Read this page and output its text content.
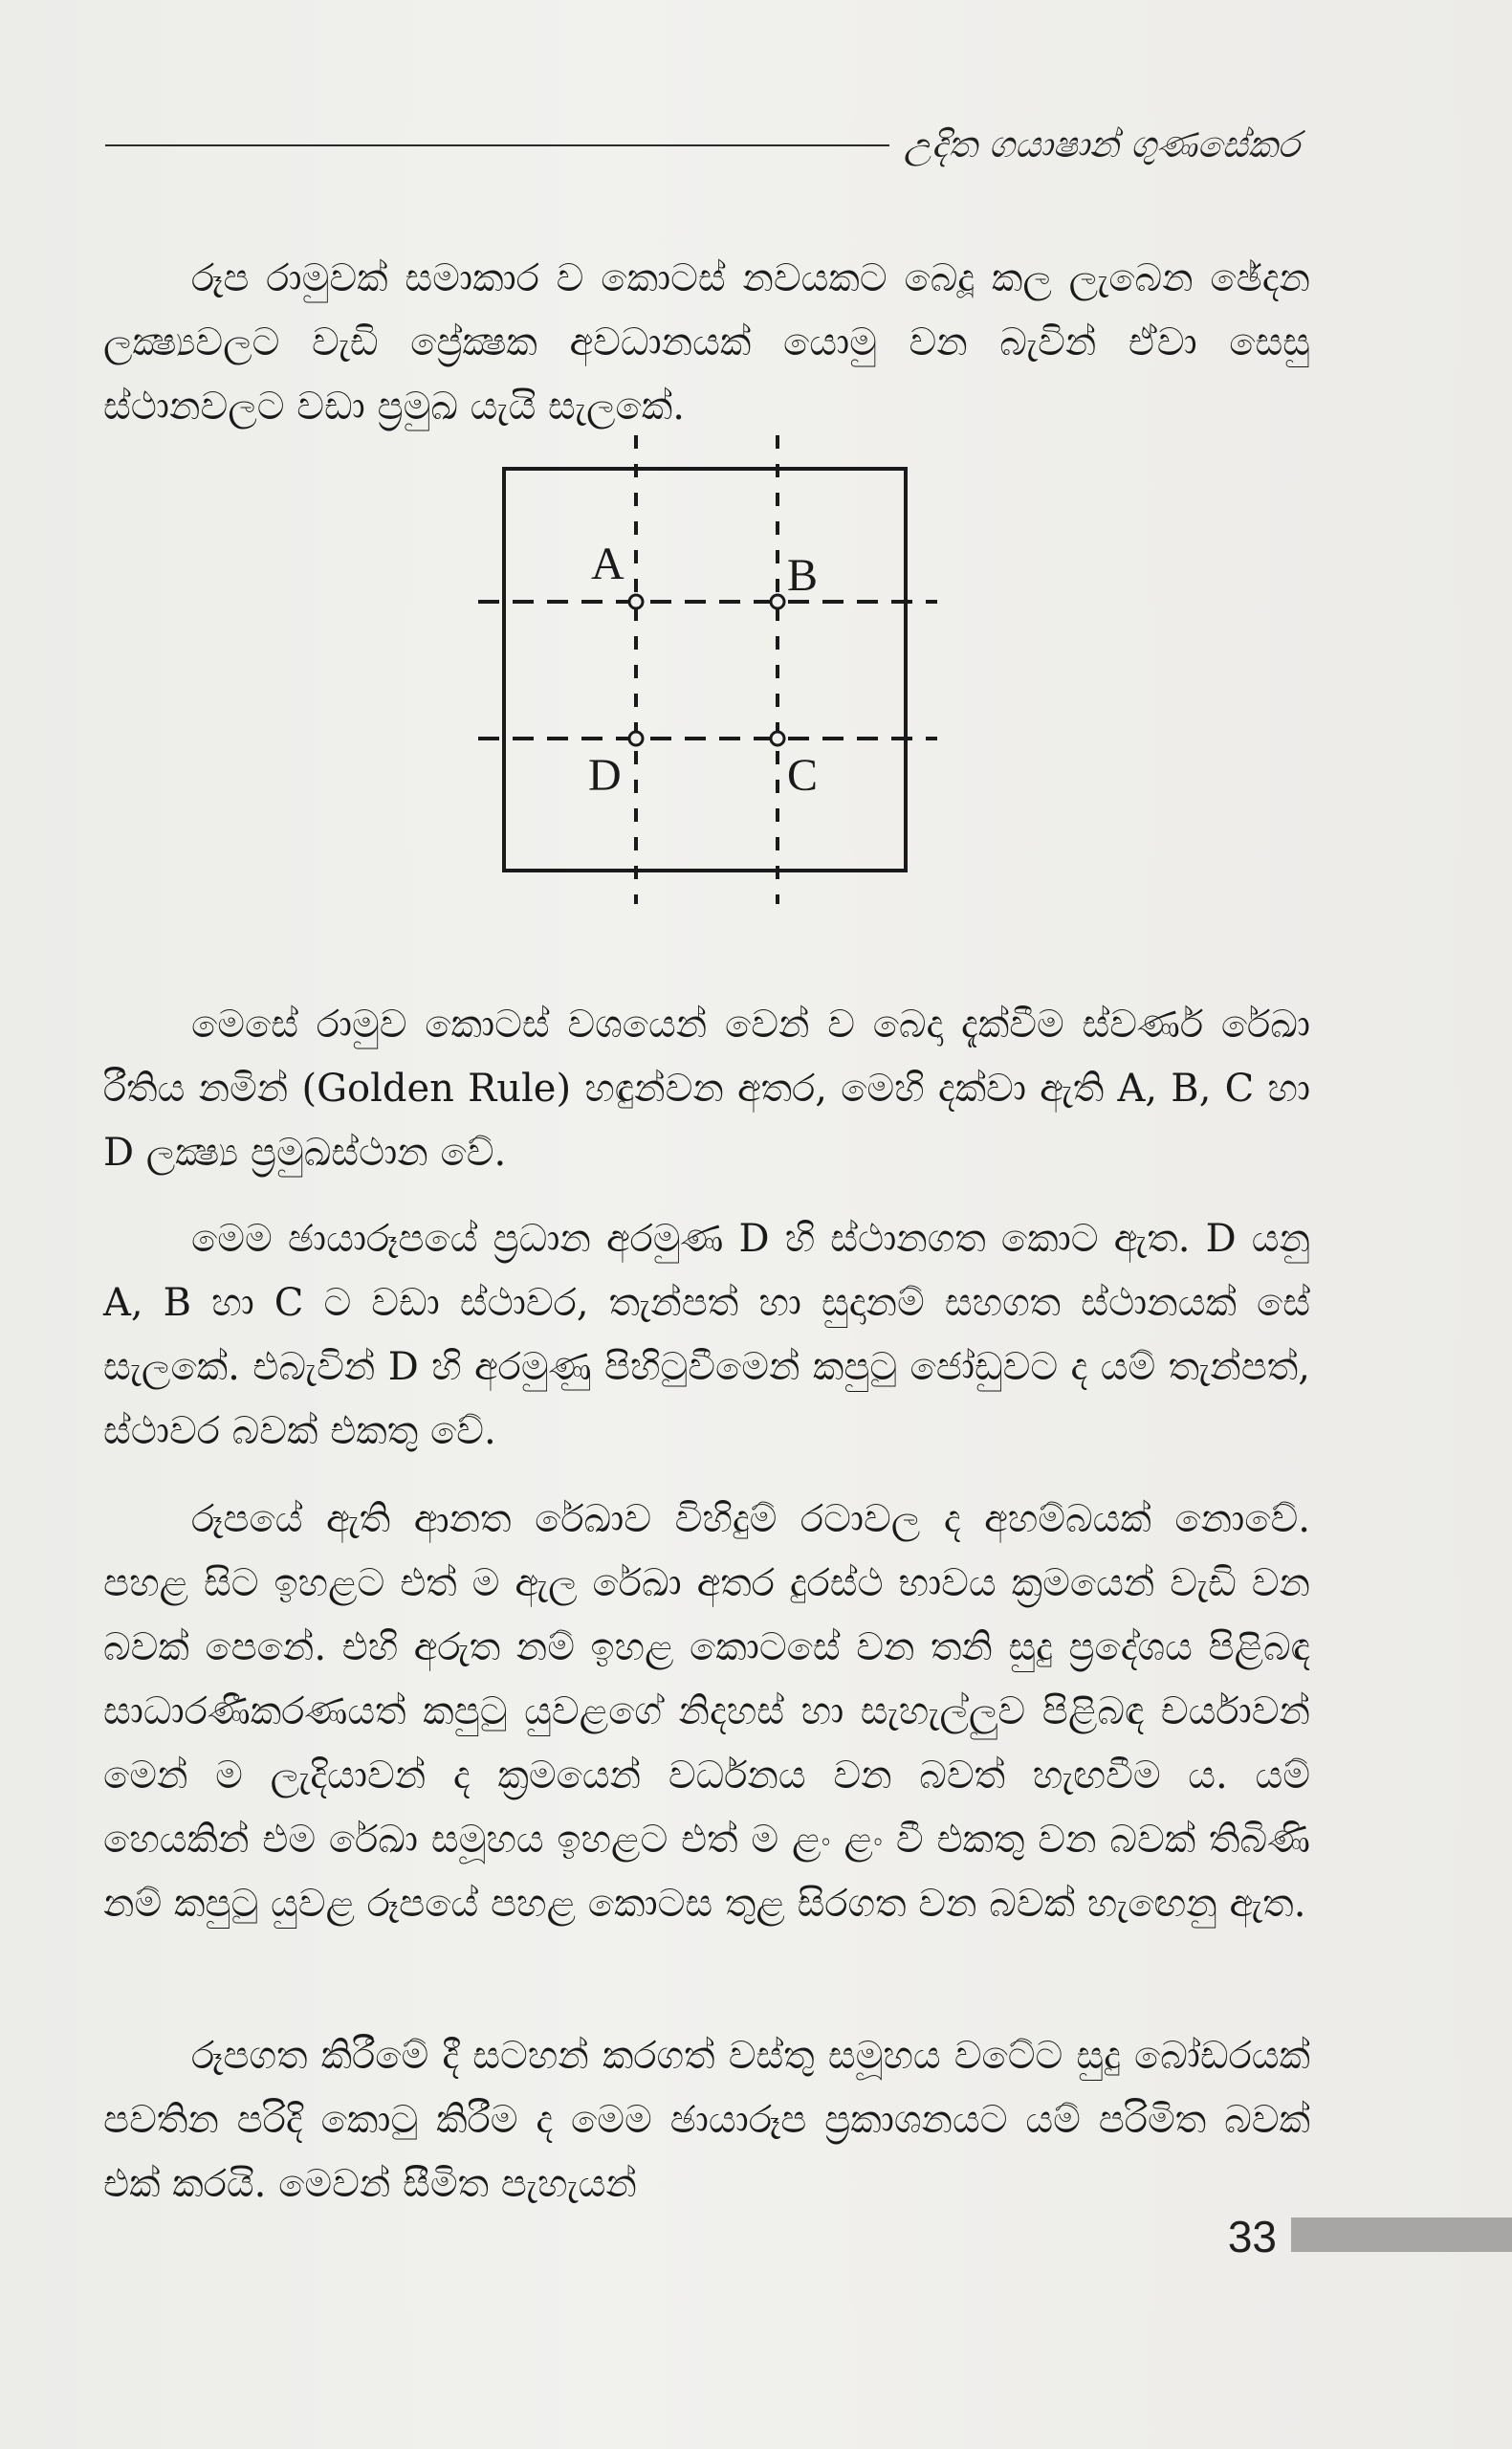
උදිත ගයාෂාන් ගුණසේකර

රූප රාමුවක් සමාකාර ව කොටස් නවයකට බෙදූ කල ලැබෙන ඡේදන ලක්‍ෂ්‍යවලට වැඩි ප්‍රේක්‍ෂක අවධානයක් යොමු වන බැවින් ඒවා සෙසු ස්ථානවලට වඩා ප්‍රමුඛ යැයි සැලකේ.

A	B
C
D

මෙසේ රාමුව කොටස් වශයෙන් වෙන් ව බෙදා දැක්වීම ස්වර්ණ රේඛා රීතිය නමින් (Golden Rule) හඳුන්වන අතර, මෙහි දක්වා ඇති A, B, C හා D ලක්‍ෂ්‍ය ප්‍රමුඛස්ථාන වේ.

මෙම ඡායාරූපයේ ප්‍රධාන අරමුණ D හි ස්ථානගත කොට ඇත. D යනු A, B හා C ට වඩා ස්ථාවර, තැන්පත් හා සුදානම් සහගත ස්ථානයක් සේ සැලකේ. එබැවින් D හි අරමුණු පිහිටුවීමෙන් කපුටු ජෝඩුවට ද යම් තැන්පත්, ස්ථාවර බවක් එකතු වේ.

රූපයේ ඇති ආනත රේඛාව විහිදුම් රටාවල ද අහම්බයක් නොවේ. පහළ සිට ඉහළට එත් ම ඇල රේඛා අතර දුරස්ථ භාවය ක්‍රමයෙන් වැඩි වන බවක් පෙනේ. එහි අරුත නම් ඉහළ කොටසේ වන තනි සුදු ප්‍රදේශය පිළිබඳ සාධාරණීකරණයත් කපුටු යුවළගේ නිදහස් හා සැහැල්ලුව පිළිබඳ චර්යාවන් මෙන් ම ලැදියාවන් ද ක්‍රමයෙන් වර්ධනය වන බවත් හැඟවීම ය. යම් හෙයකින් එම රේඛා සමූහය ඉහළට එත් ම ළං ළං වී එකතු වන බවක් තිබිණි නම් කපුටු යුවළ රූපයේ පහළ කොටස තුළ සිරගත වන බවක් හැඟෙනු ඇත.

රූපගත කිරීමේ දී සටහන් කරගත් වස්තු සමූහය වටේට සුදු බෝඩරයක් පවතින පරිදි කොටු කිරීම ද මෙම ඡායාරූප ප්‍රකාශනයට යම් පරිමිත බවක් එක් කරයි. මෙවන් සීමිත පැහැයන්

33
